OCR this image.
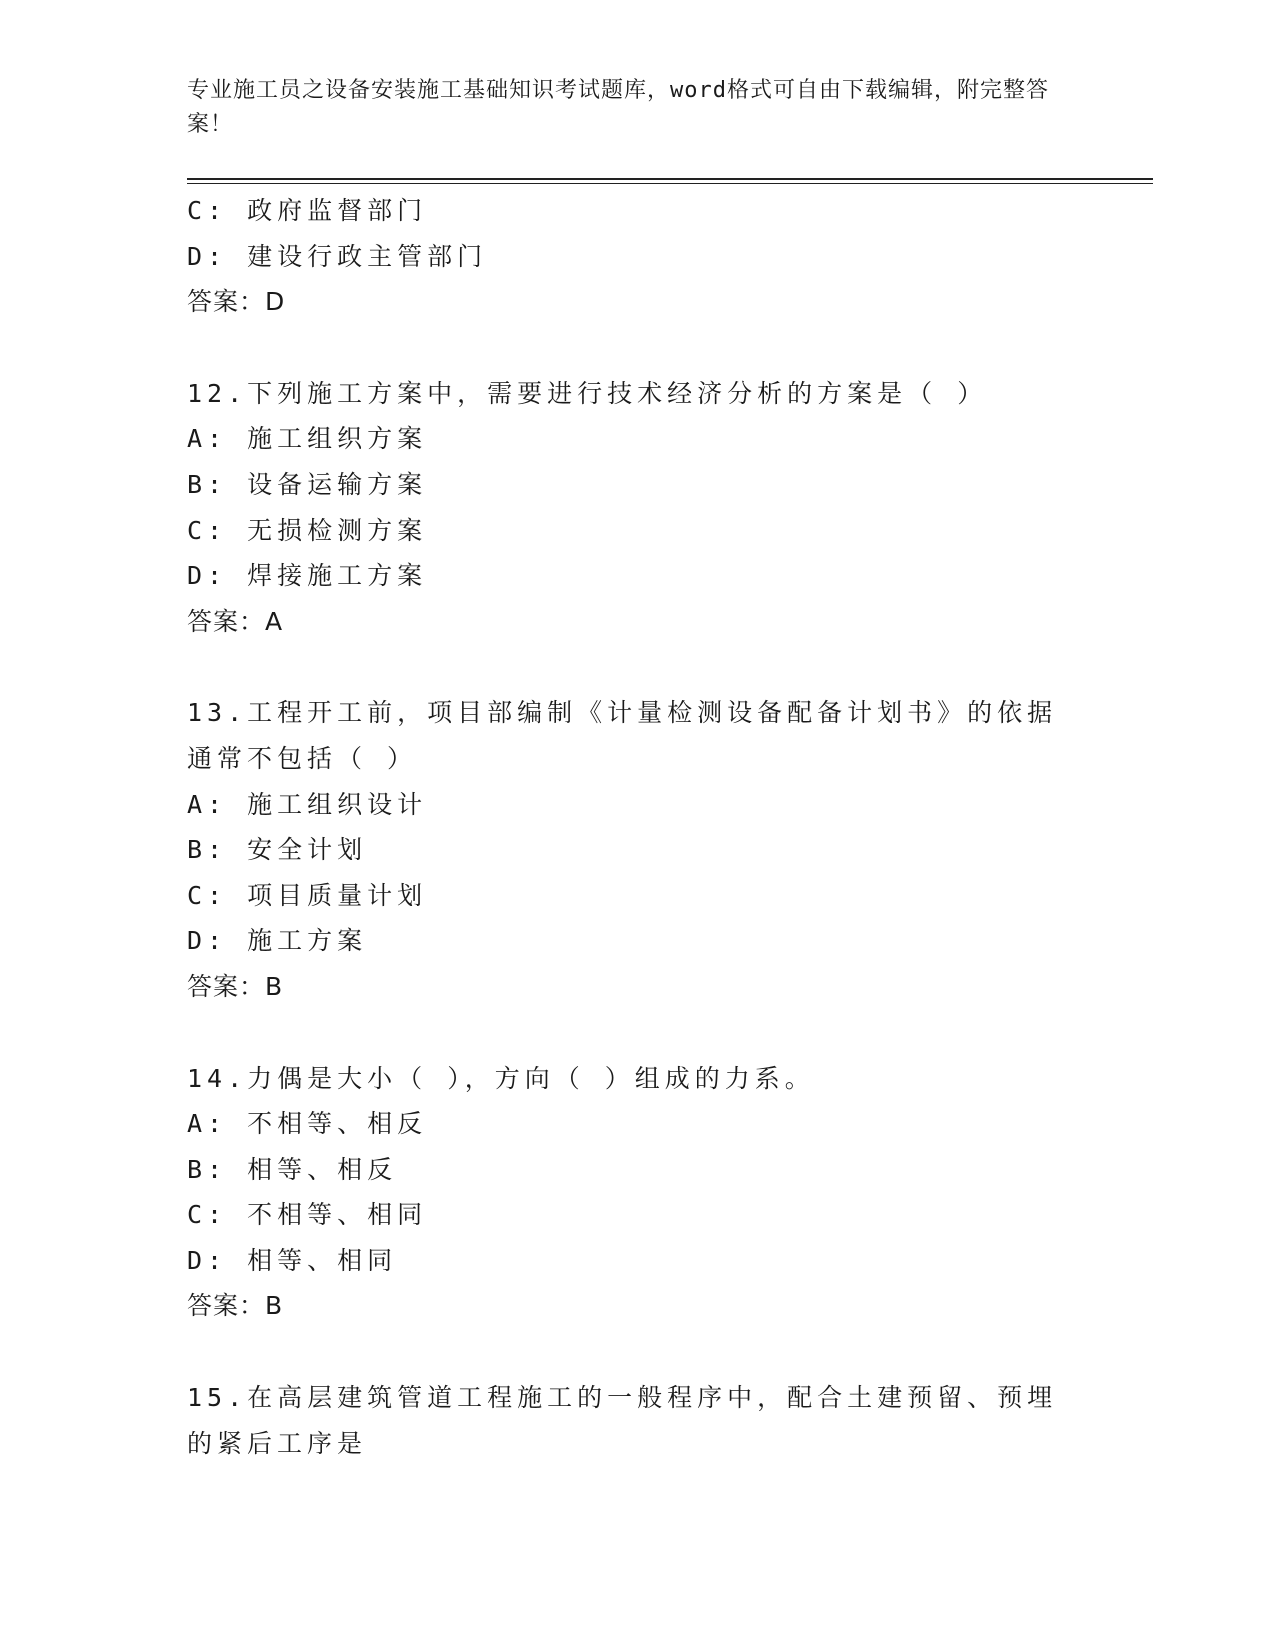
专业施工员之设备安装施工基础知识考试题库，word格式可自由下载编辑，附完整答案！
C: 政府监督部门
D: 建设行政主管部门
答案：D
12.下列施工方案中，需要进行技术经济分析的方案是（ ）
A: 施工组织方案
B: 设备运输方案
C: 无损检测方案
D: 焊接施工方案
答案：A
13.工程开工前，项目部编制《计量检测设备配备计划书》的依据通常不包括（ ）
A: 施工组织设计
B: 安全计划
C: 项目质量计划
D: 施工方案
答案：B
14.力偶是大小（ ），方向（ ）组成的力系。
A: 不相等、相反
B: 相等、相反
C: 不相等、相同
D: 相等、相同
答案：B
15.在高层建筑管道工程施工的一般程序中，配合土建预留、预埋的紧后工序是
